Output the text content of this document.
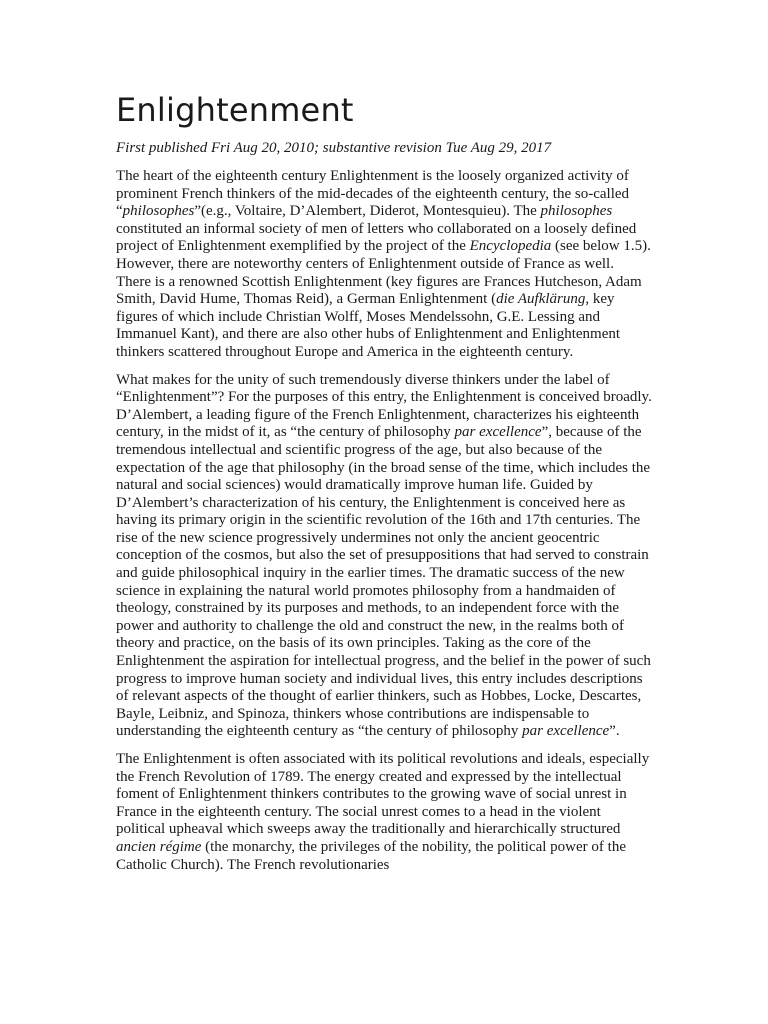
Enlightenment
First published Fri Aug 20, 2010; substantive revision Tue Aug 29, 2017

The heart of the eighteenth century Enlightenment is the loosely organized activity of prominent French thinkers of the mid-decades of the eighteenth century, the so-called “philosophes”(e.g., Voltaire, D’Alembert, Diderot, Montesquieu). The philosophes constituted an informal society of men of letters who collaborated on a loosely defined project of Enlightenment exemplified by the project of the Encyclopedia (see below 1.5). However, there are noteworthy centers of Enlightenment outside of France as well. There is a renowned Scottish Enlightenment (key figures are Frances Hutcheson, Adam Smith, David Hume, Thomas Reid), a German Enlightenment (die Aufklärung, key figures of which include Christian Wolff, Moses Mendelssohn, G.E. Lessing and Immanuel Kant), and there are also other hubs of Enlightenment and Enlightenment thinkers scattered throughout Europe and America in the eighteenth century.

What makes for the unity of such tremendously diverse thinkers under the label of “Enlightenment”? For the purposes of this entry, the Enlightenment is conceived broadly. D’Alembert, a leading figure of the French Enlightenment, characterizes his eighteenth century, in the midst of it, as “the century of philosophy par excellence”, because of the tremendous intellectual and scientific progress of the age, but also because of the expectation of the age that philosophy (in the broad sense of the time, which includes the natural and social sciences) would dramatically improve human life. Guided by D’Alembert’s characterization of his century, the Enlightenment is conceived here as having its primary origin in the scientific revolution of the 16th and 17th centuries. The rise of the new science progressively undermines not only the ancient geocentric conception of the cosmos, but also the set of presuppositions that had served to constrain and guide philosophical inquiry in the earlier times. The dramatic success of the new science in explaining the natural world promotes philosophy from a handmaiden of theology, constrained by its purposes and methods, to an independent force with the power and authority to challenge the old and construct the new, in the realms both of theory and practice, on the basis of its own principles. Taking as the core of the Enlightenment the aspiration for intellectual progress, and the belief in the power of such progress to improve human society and individual lives, this entry includes descriptions of relevant aspects of the thought of earlier thinkers, such as Hobbes, Locke, Descartes, Bayle, Leibniz, and Spinoza, thinkers whose contributions are indispensable to understanding the eighteenth century as “the century of philosophy par excellence”.

The Enlightenment is often associated with its political revolutions and ideals, especially the French Revolution of 1789. The energy created and expressed by the intellectual foment of Enlightenment thinkers contributes to the growing wave of social unrest in France in the eighteenth century. The social unrest comes to a head in the violent political upheaval which sweeps away the traditionally and hierarchically structured ancien régime (the monarchy, the privileges of the nobility, the political power of the Catholic Church). The French revolutionaries
